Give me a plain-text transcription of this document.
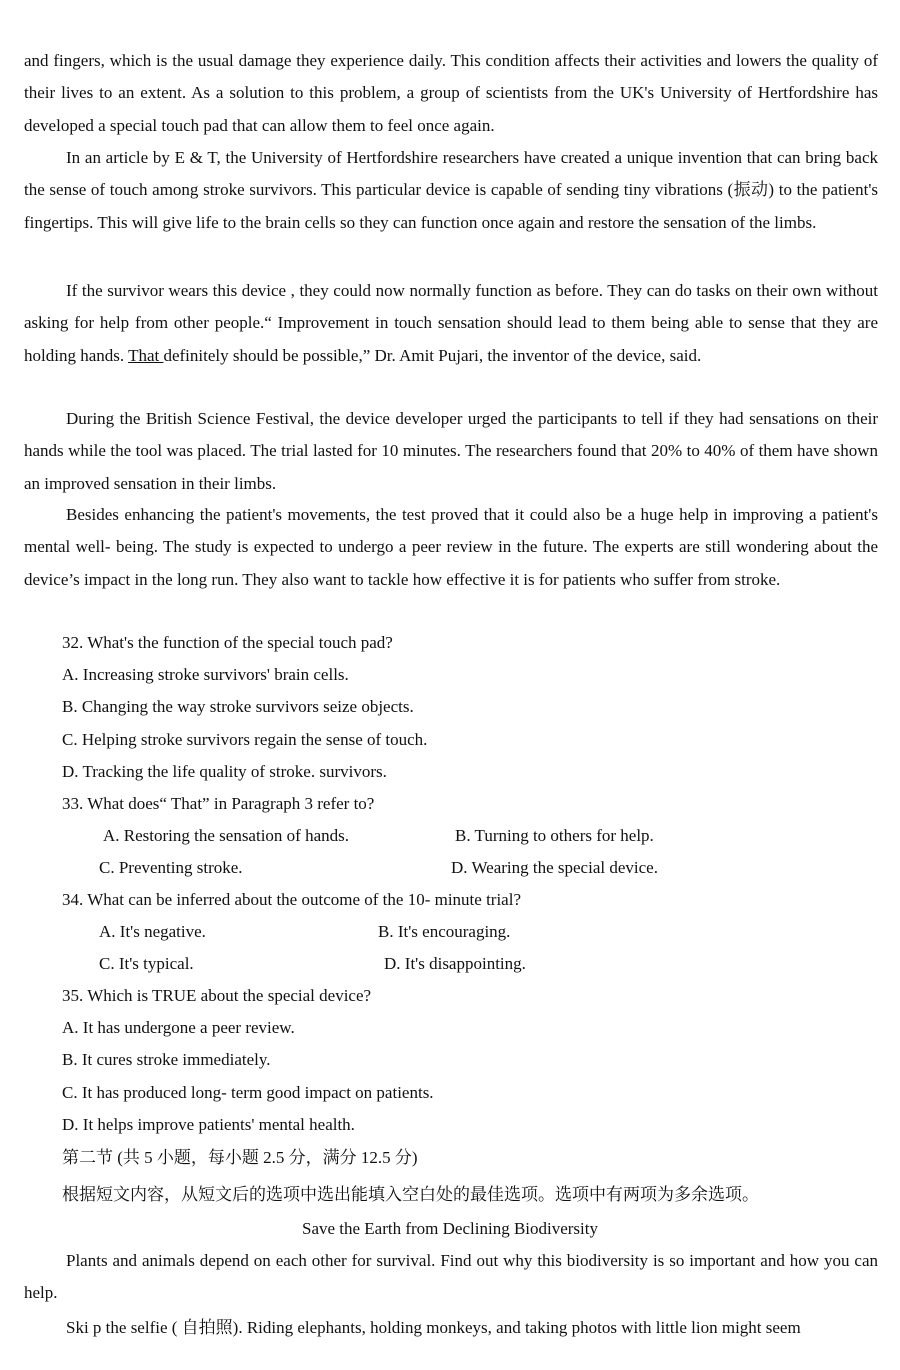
and fingers, which is the usual damage they experience daily. This condition affects their activities and lowers the quality of their lives to an extent. As a solution to this problem, a group of scientists from the UK's University of Hertfordshire has developed a special touch pad that can allow them to feel once again.

In an article by E & T, the University of Hertfordshire researchers have created a unique invention that can bring back the sense of touch among stroke survivors. This particular device is capable of sending tiny vibrations (振动) to the patient's fingertips. This will give life to the brain cells so they can function once again and restore the sensation of the limbs.

If the survivor wears this device , they could now normally function as before. They can do tasks on their own without asking for help from other people.“ Improvement in touch sensation should lead to them being able to sense that they are holding hands. That definitely should be possible,” Dr. Amit Pujari, the inventor of the device, said.

During the British Science Festival, the device developer urged the participants to tell if they had sensations on their hands while the tool was placed. The trial lasted for 10 minutes. The researchers found that 20% to 40% of them have shown an improved sensation in their limbs.

Besides enhancing the patient's movements, the test proved that it could also be a huge help in improving a patient's mental well- being. The study is expected to undergo a peer review in the future. The experts are still wondering about the device’s impact in the long run. They also want to tackle how effective it is for patients who suffer from stroke.

32. What's the function of the special touch pad?
A. Increasing stroke survivors' brain cells.
B. Changing the way stroke survivors seize objects.
C. Helping stroke survivors regain the sense of touch.
D. Tracking the life quality of stroke. survivors.
33. What does“ That” in Paragraph 3 refer to?
A. Restoring the sensation of hands.	B. Turning to others for help.
C. Preventing stroke.	D. Wearing the special device.
34. What can be inferred about the outcome of the 10- minute trial?
A. It's negative.	B. It's encouraging.
C. It's typical.	D. It's disappointing.
35. Which is TRUE about the special device?
A. It has undergone a peer review.
B. It cures stroke immediately.
C. It has produced long- term good impact on patients.
D. It helps improve patients' mental health.
第二节 (共 5 小题，每小题 2.5 分，满分 12.5 分)
根据短文内容，从短文后的选项中选出能填入空白处的最佳选项。选项中有两项为多余选项。
Save the Earth from Declining Biodiversity

Plants and animals depend on each other for survival. Find out why this biodiversity is so important and how you can help.

Ski p the selfie ( 自拍照). Riding elephants, holding monkeys, and taking photos with little lion might seem
